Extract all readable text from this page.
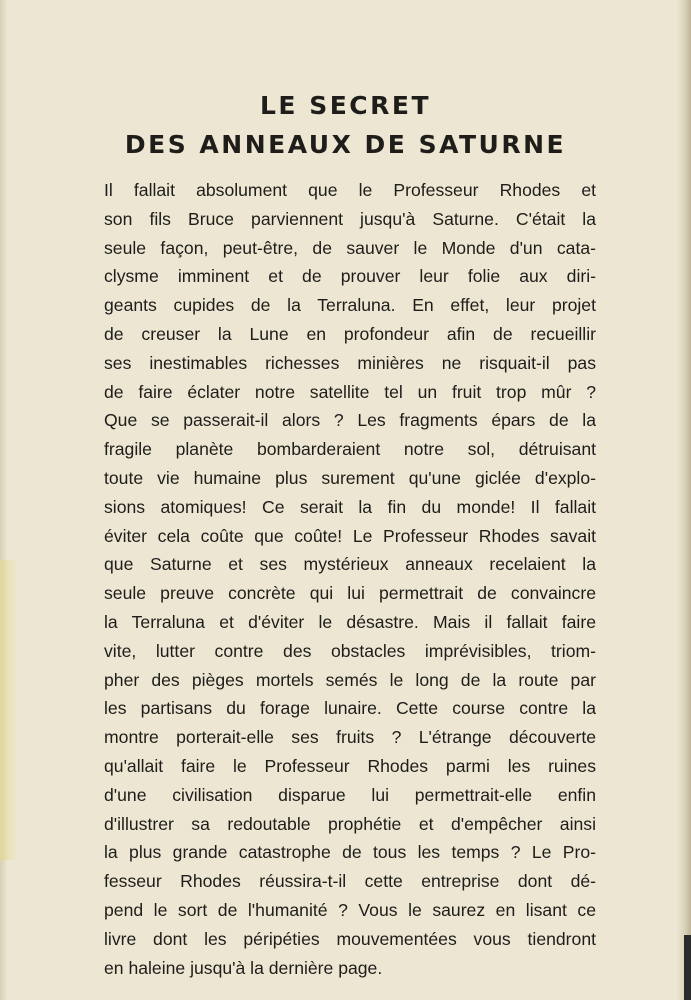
LE SECRET
DES ANNEAUX DE SATURNE
Il fallait absolument que le Professeur Rhodes et
son fils Bruce parviennent jusqu'à Saturne. C'était la
seule façon, peut-être, de sauver le Monde d'un cata-
clysme imminent et de prouver leur folie aux diri-
geants cupides de la Terraluna. En effet, leur projet
de creuser la Lune en profondeur afin de recueillir
ses inestimables richesses minières ne risquait-il pas
de faire éclater notre satellite tel un fruit trop mûr ?
Que se passerait-il alors ? Les fragments épars de la
fragile planète bombarderaient notre sol, détruisant
toute vie humaine plus surement qu'une giclée d'explo-
sions atomiques! Ce serait la fin du monde! Il fallait
éviter cela coûte que coûte! Le Professeur Rhodes savait
que Saturne et ses mystérieux anneaux recelaient la
seule preuve concrète qui lui permettrait de convaincre
la Terraluna et d'éviter le désastre. Mais il fallait faire
vite, lutter contre des obstacles imprévisibles, triom-
pher des pièges mortels semés le long de la route par
les partisans du forage lunaire. Cette course contre la
montre porterait-elle ses fruits ? L'étrange découverte
qu'allait faire le Professeur Rhodes parmi les ruines
d'une civilisation disparue lui permettrait-elle enfin
d'illustrer sa redoutable prophétie et d'empêcher ainsi
la plus grande catastrophe de tous les temps ? Le Pro-
fesseur Rhodes réussira-t-il cette entreprise dont dé-
pend le sort de l'humanité ? Vous le saurez en lisant ce
livre dont les péripéties mouvementées vous tiendront
en haleine jusqu'à la dernière page.
